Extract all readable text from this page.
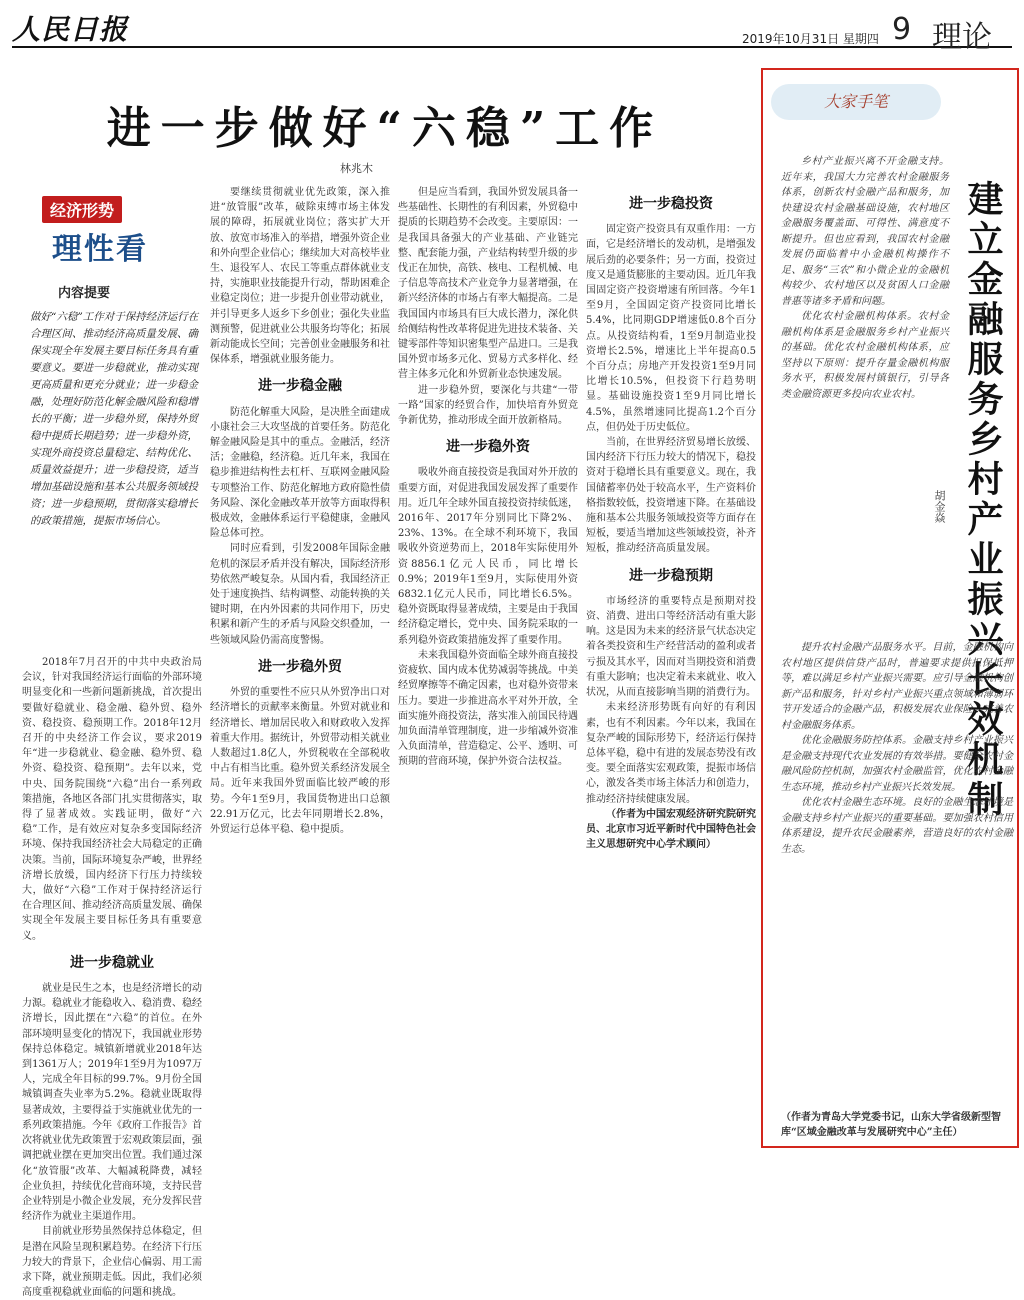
人民日报	2019年10月31日 星期四 9 理论
进一步做好“六稳”工作
林兆木
经济形势
理性看
内容提要
做好“六稳”工作对于保持经济运行在合理区间、推动经济高质量发展、确保实现全年发展主要目标任务具有重要意义。要进一步稳就业，推动实现更高质量和更充分就业；进一步稳金融，处理好防范化解金融风险和稳增长的平衡；进一步稳外贸，保持外贸稳中提质长期趋势；进一步稳外资，实现外商投资总量稳定、结构优化、质量效益提升；进一步稳投资，适当增加基础设施和基本公共服务领域投资；进一步稳预期，贯彻落实稳增长的政策措施，提振市场信心。

2018年7月召开的中共中央政治局会议，针对我国经济运行面临的外部环境明显变化和一些新问题新挑战，首次提出要做好稳就业、稳金融、稳外贸、稳外资、稳投资、稳预期工作。2018年12月召开的中央经济工作会议，要求2019年“进一步稳就业、稳金融、稳外贸、稳外资、稳投资、稳预期”。去年以来，党中央、国务院围绕“六稳”出台一系列政策措施，各地区各部门扎实贯彻落实，取得了显著成效。实践证明，做好“六稳”工作，是有效应对复杂多变国际经济环境、保持我国经济社会大局稳定的正确决策。当前，国际环境复杂严峻，世界经济增长放缓，国内经济下行压力持续较大，做好“六稳”工作对于保持经济运行在合理区间、推动经济高质量发展、确保实现全年发展主要目标任务具有重要意义。

进一步稳就业

就业是民生之本，也是经济增长的动力源。稳就业才能稳收入、稳消费、稳经济增长，因此摆在“六稳”的首位。在外部环境明显变化的情况下，我国就业形势保持总体稳定。城镇新增就业2018年达到1361万人；2019年1至9月为1097万人，完成全年目标的99.7%。9月份全国城镇调查失业率为5.2%。稳就业既取得显著成效，主要得益于实施就业优先的一系列政策措施。今年《政府工作报告》首次将就业优先政策置于宏观政策层面，强调把就业摆在更加突出位置。我们通过深化“放管服”改革、大幅减税降费，减轻企业负担，持续优化营商环境，支持民营企业特别是小微企业发展，充分发挥民营经济作为就业主渠道作用。

目前就业形势虽然保持总体稳定，但是潜在风险呈现积累趋势。在经济下行压力较大的背景下，企业信心偏弱、用工需求下降，就业预期走低。因此，我们必须高度重视稳就业面临的问题和挑战。

要继续贯彻就业优先政策，深入推进“放管服”改革，破除束缚市场主体发展的障碍，拓展就业岗位；落实扩大开放、放宽市场准入的举措，增强外资企业和外向型企业信心；继续加大对高校毕业生、退役军人、农民工等重点群体就业支持，实施职业技能提升行动，帮助困难企业稳定岗位；进一步提升创业带动就业，并引导更多人返乡下乡创业；强化失业监测预警，促进就业公共服务均等化；拓展新动能成长空间；完善创业金融服务和社保体系，增强就业服务能力。

进一步稳金融

防范化解重大风险，是决胜全面建成小康社会三大攻坚战的首要任务。防范化解金融风险是其中的重点。金融活，经济活；金融稳，经济稳。近几年来，我国在稳步推进结构性去杠杆、互联网金融风险专项整治工作、防范化解地方政府隐性债务风险、深化金融改革开放等方面取得积极成效，金融体系运行平稳健康，金融风险总体可控。

同时应看到，引发2008年国际金融危机的深层矛盾并没有解决，国际经济形势依然严峻复杂。从国内看，我国经济正处于速度换挡、结构调整、动能转换的关键时期，在内外因素的共同作用下，历史积累和新产生的矛盾与风险交织叠加，一些领域风险仍需高度警惕。

进一步稳外贸

外贸的重要性不应只从外贸净出口对经济增长的贡献率来衡量。外贸对就业和经济增长、增加居民收入和财政收入发挥着重大作用。据统计，外贸带动相关就业人数超过1.8亿人，外贸税收在全部税收中占有相当比重。稳外贸关系经济发展全局。近年来我国外贸面临比较严峻的形势。今年1至9月，我国货物进出口总额22.91万亿元，比去年同期增长2.8%，外贸运行总体平稳、稳中提质。

但是应当看到，我国外贸发展具备一些基础性、长期性的有利因素，外贸稳中提质的长期趋势不会改变。主要原因：一是我国具备强大的产业基础、产业链完整、配套能力强，产业结构转型升级的步伐正在加快，高铁、核电、工程机械、电子信息等高技术产业竞争力显著增强，在新兴经济体的市场占有率大幅提高。二是我国国内市场具有巨大成长潜力，深化供给侧结构性改革将促进先进技术装备、关键零部件等知识密集型产品进口。三是我国外贸市场多元化、贸易方式多样化、经营主体多元化和外贸新业态快速发展。

进一步稳外贸，要深化与共建“一带一路”国家的经贸合作，加快培育外贸竞争新优势，推动形成全面开放新格局。

进一步稳外资

吸收外商直接投资是我国对外开放的重要方面，对促进我国发展发挥了重要作用。近几年全球外国直接投资持续低迷，2016年、2017年分别同比下降2%、23%、13%。在全球不利环境下，我国吸收外资逆势而上，2018年实际使用外资8856.1亿元人民币，同比增长0.9%；2019年1至9月，实际使用外资6832.1亿元人民币，同比增长6.5%。稳外资既取得显著成绩，主要是由于我国经济稳定增长，党中央、国务院采取的一系列稳外资政策措施发挥了重要作用。

未来我国稳外资面临全球外商直接投资疲软、国内成本优势减弱等挑战。中美经贸摩擦等不确定因素，也对稳外资带来压力。要进一步推进高水平对外开放，全面实施外商投资法，落实准入前国民待遇加负面清单管理制度，进一步缩减外资准入负面清单，营造稳定、公平、透明、可预期的营商环境，保护外资合法权益。

进一步稳投资

固定资产投资具有双重作用：一方面，它是经济增长的发动机，是增强发展后劲的必要条件；另一方面，投资过度又是通货膨胀的主要动因。近几年我国固定资产投资增速有所回落。今年1至9月，全国固定资产投资同比增长5.4%，比同期GDP增速低0.8个百分点。从投资结构看，1至9月制造业投资增长2.5%，增速比上半年提高0.5个百分点；房地产开发投资1至9月同比增长10.5%，但投资下行趋势明显。基础设施投资1至9月同比增长4.5%，虽然增速同比提高1.2个百分点，但仍处于历史低位。

当前，在世界经济贸易增长放缓、国内经济下行压力较大的情况下，稳投资对于稳增长具有重要意义。现在，我国储蓄率仍处于较高水平，生产资料价格指数较低，投资增速下降。在基础设施和基本公共服务领域投资等方面存在短板，要适当增加这些领域投资，补齐短板，推动经济高质量发展。

进一步稳预期

市场经济的重要特点是预期对投资、消费、进出口等经济活动有重大影响。这是因为未来的经济景气状态决定着各类投资和生产经营活动的盈利或者亏损及其水平，因而对当期投资和消费有重大影响；也决定着未来就业、收入状况，从而直接影响当期的消费行为。

未来经济形势既有向好的有利因素，也有不利因素。今年以来，我国在复杂严峻的国际形势下，经济运行保持总体平稳，稳中有进的发展态势没有改变。要全面落实宏观政策，提振市场信心，激发各类市场主体活力和创造力，推动经济持续健康发展。

（作者为中国宏观经济研究院研究员、北京市习近平新时代中国特色社会主义思想研究中心学术顾问）

大家手笔
建立金融服务乡村产业振兴长效机制
胡金焱

乡村产业振兴离不开金融支持。近年来，我国大力完善农村金融服务体系，创新农村金融产品和服务，加快建设农村金融基础设施，农村地区金融服务覆盖面、可得性、满意度不断提升。但也应看到，我国农村金融发展仍面临着中小金融机构操作不足、服务“三农”和小微企业的金融机构较少、农村地区以及贫困人口金融普惠等诸多矛盾和问题。

优化农村金融机构体系。农村金融机构体系是金融服务乡村产业振兴的基础。优化农村金融机构体系，应坚持以下原则：提升存量金融机构服务水平，积极发展村镇银行，引导各类金融资源更多投向农业农村。

提升农村金融产品服务水平。目前，金融机构向农村地区提供信贷产品时，普遍要求提供担保抵押等，难以满足乡村产业振兴需要。应引导金融机构创新产品和服务，针对乡村产业振兴重点领域和薄弱环节开发适合的金融产品，积极发展农业保险，完善农村金融服务体系。

优化金融服务防控体系。金融支持乡村产业振兴是金融支持现代农业发展的有效举措。要健全农村金融风险防控机制，加强农村金融监管，优化农村金融生态环境，推动乡村产业振兴长效发展。

优化农村金融生态环境。良好的金融生态环境是金融支持乡村产业振兴的重要基础。要加强农村信用体系建设，提升农民金融素养，营造良好的农村金融生态。

（作者为青岛大学党委书记，山东大学省级新型智库“区域金融改革与发展研究中心”主任）
